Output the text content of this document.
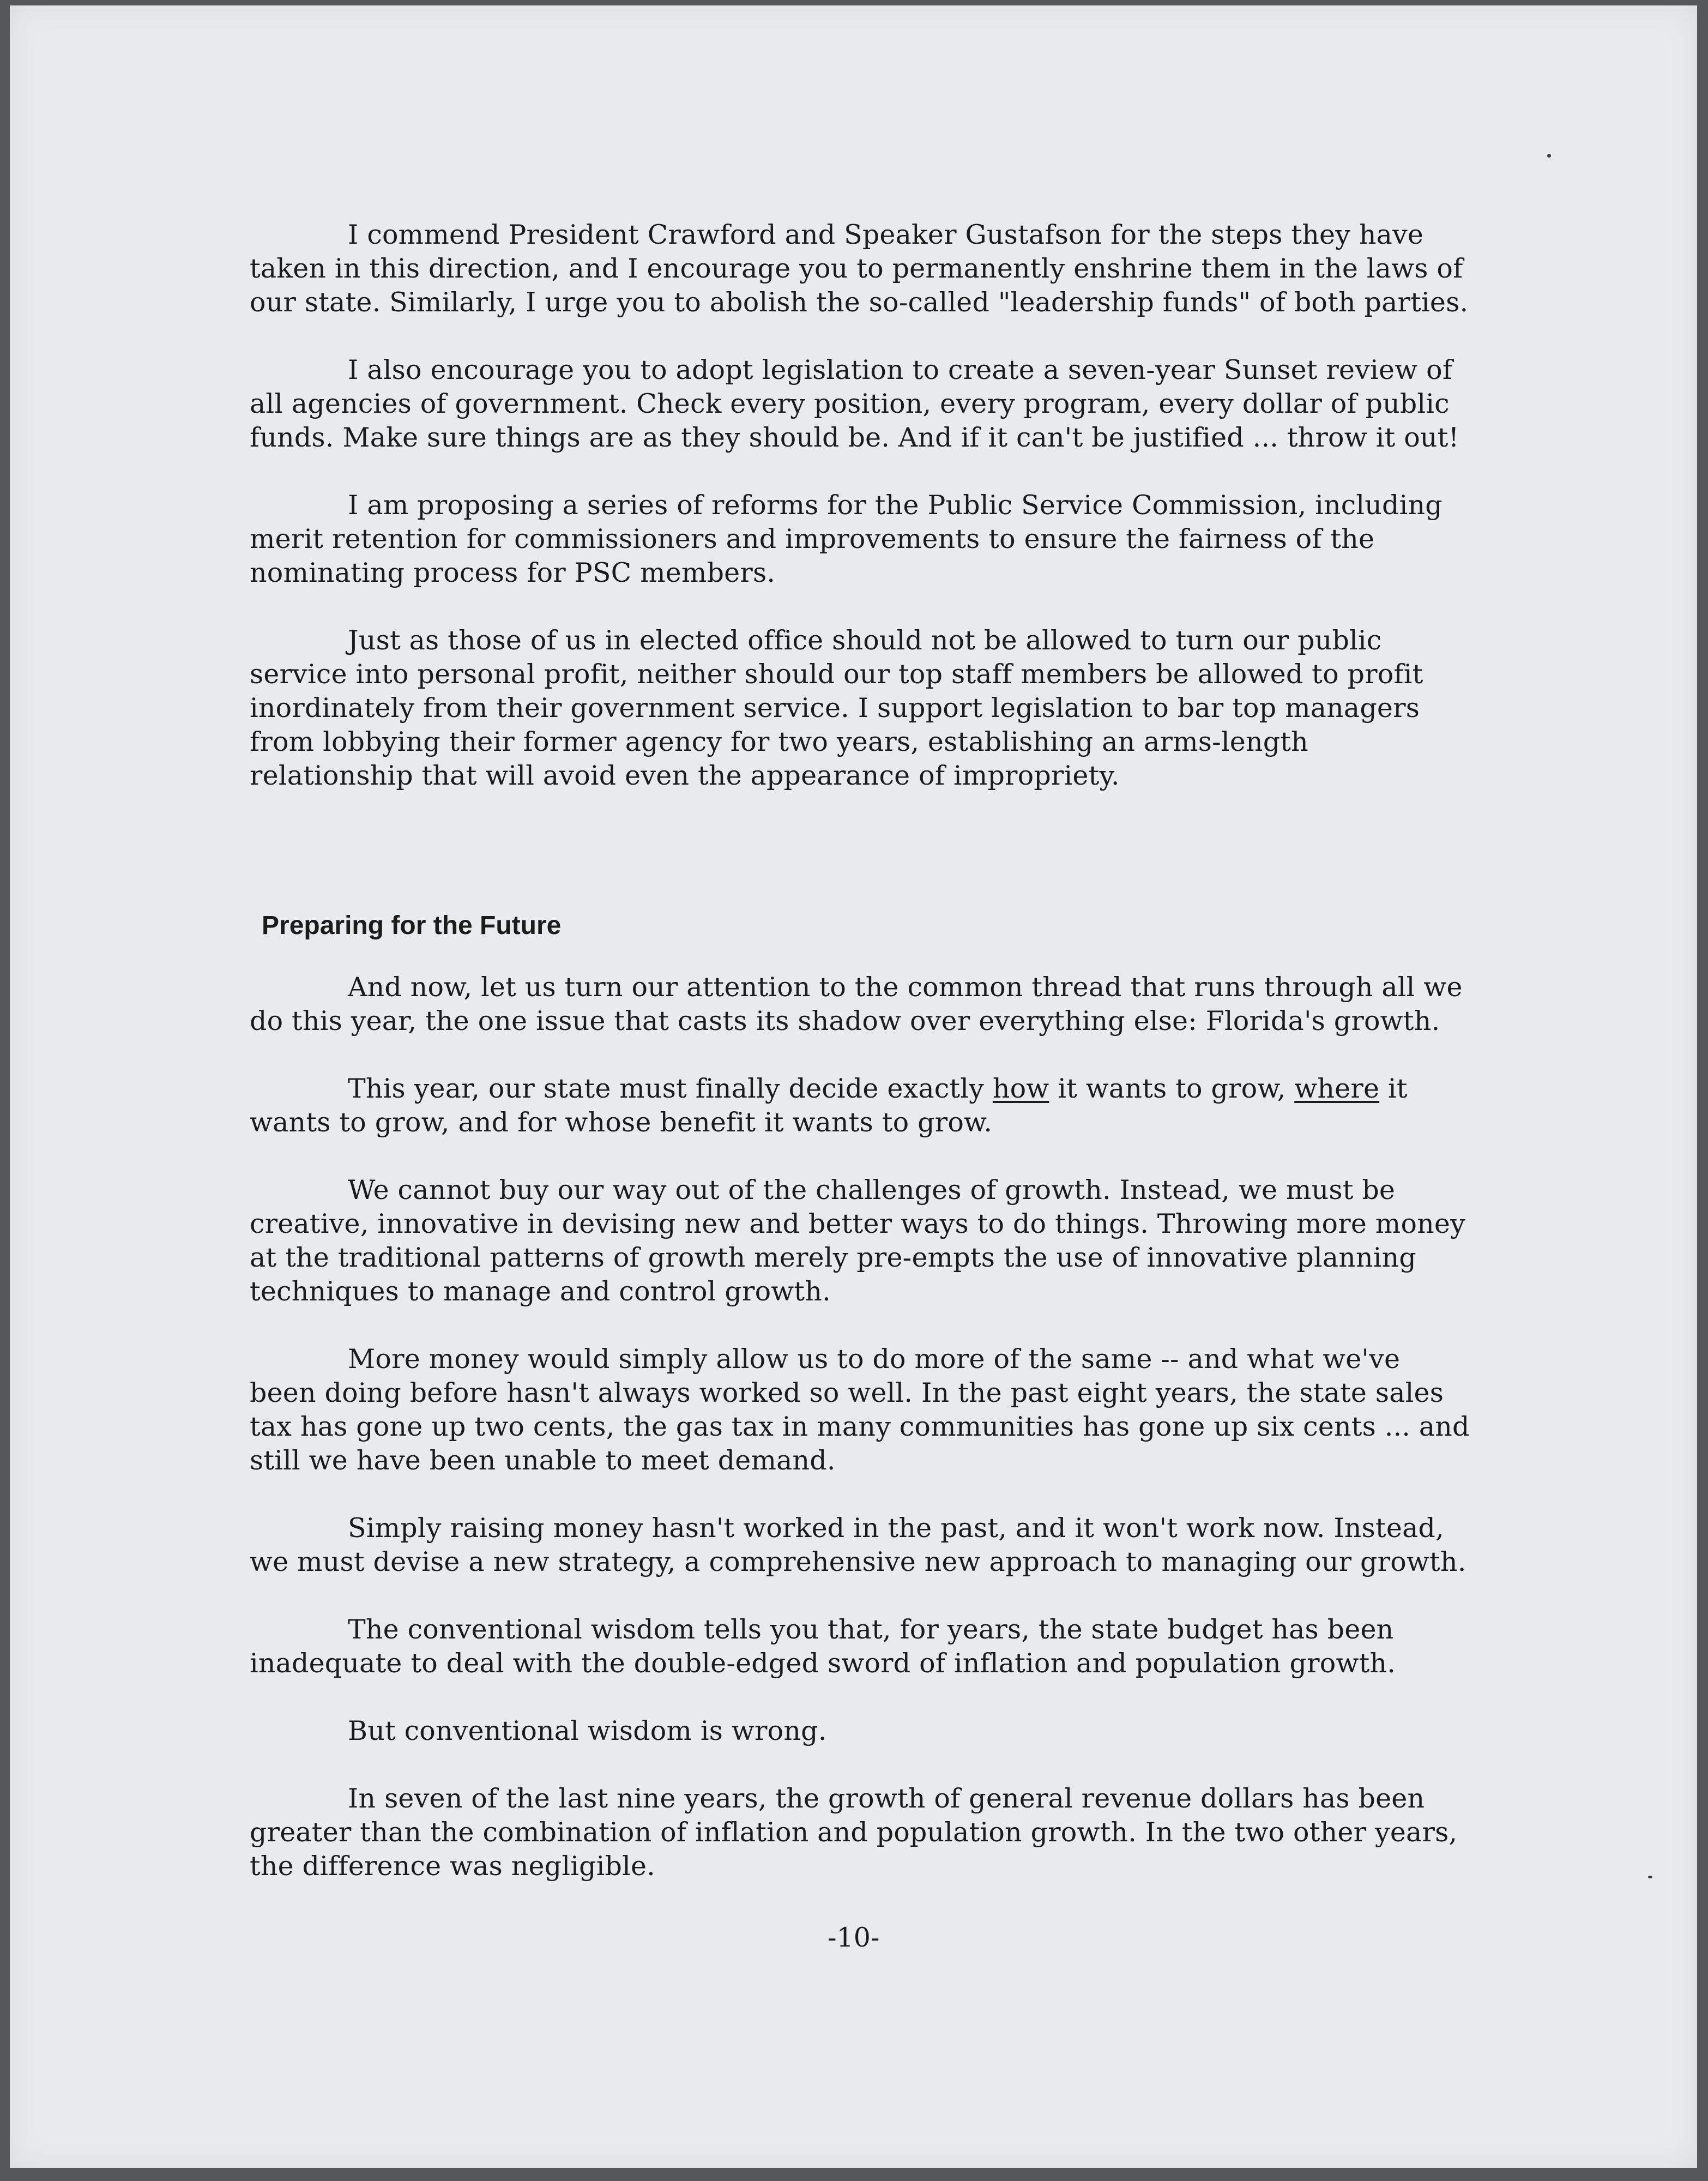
I commend President Crawford and Speaker Gustafson for the steps they have taken in this direction, and I encourage you to permanently enshrine them in the laws of our state. Similarly, I urge you to abolish the so-called "leadership funds" of both parties.

I also encourage you to adopt legislation to create a seven-year Sunset review of all agencies of government. Check every position, every program, every dollar of public funds. Make sure things are as they should be. And if it can't be justified ... throw it out!

I am proposing a series of reforms for the Public Service Commission, including merit retention for commissioners and improvements to ensure the fairness of the nominating process for PSC members.

Just as those of us in elected office should not be allowed to turn our public service into personal profit, neither should our top staff members be allowed to profit inordinately from their government service. I support legislation to bar top managers from lobbying their former agency for two years, establishing an arms-length relationship that will avoid even the appearance of impropriety.

Preparing for the Future

And now, let us turn our attention to the common thread that runs through all we do this year, the one issue that casts its shadow over everything else: Florida's growth.

This year, our state must finally decide exactly how it wants to grow, where it wants to grow, and for whose benefit it wants to grow.

We cannot buy our way out of the challenges of growth. Instead, we must be creative, innovative in devising new and better ways to do things. Throwing more money at the traditional patterns of growth merely pre-empts the use of innovative planning techniques to manage and control growth.

More money would simply allow us to do more of the same -- and what we've been doing before hasn't always worked so well. In the past eight years, the state sales tax has gone up two cents, the gas tax in many communities has gone up six cents ... and still we have been unable to meet demand.

Simply raising money hasn't worked in the past, and it won't work now. Instead, we must devise a new strategy, a comprehensive new approach to managing our growth.

The conventional wisdom tells you that, for years, the state budget has been inadequate to deal with the double-edged sword of inflation and population growth.

But conventional wisdom is wrong.

In seven of the last nine years, the growth of general revenue dollars has been greater than the combination of inflation and population growth. In the two other years, the difference was negligible.

-10-
